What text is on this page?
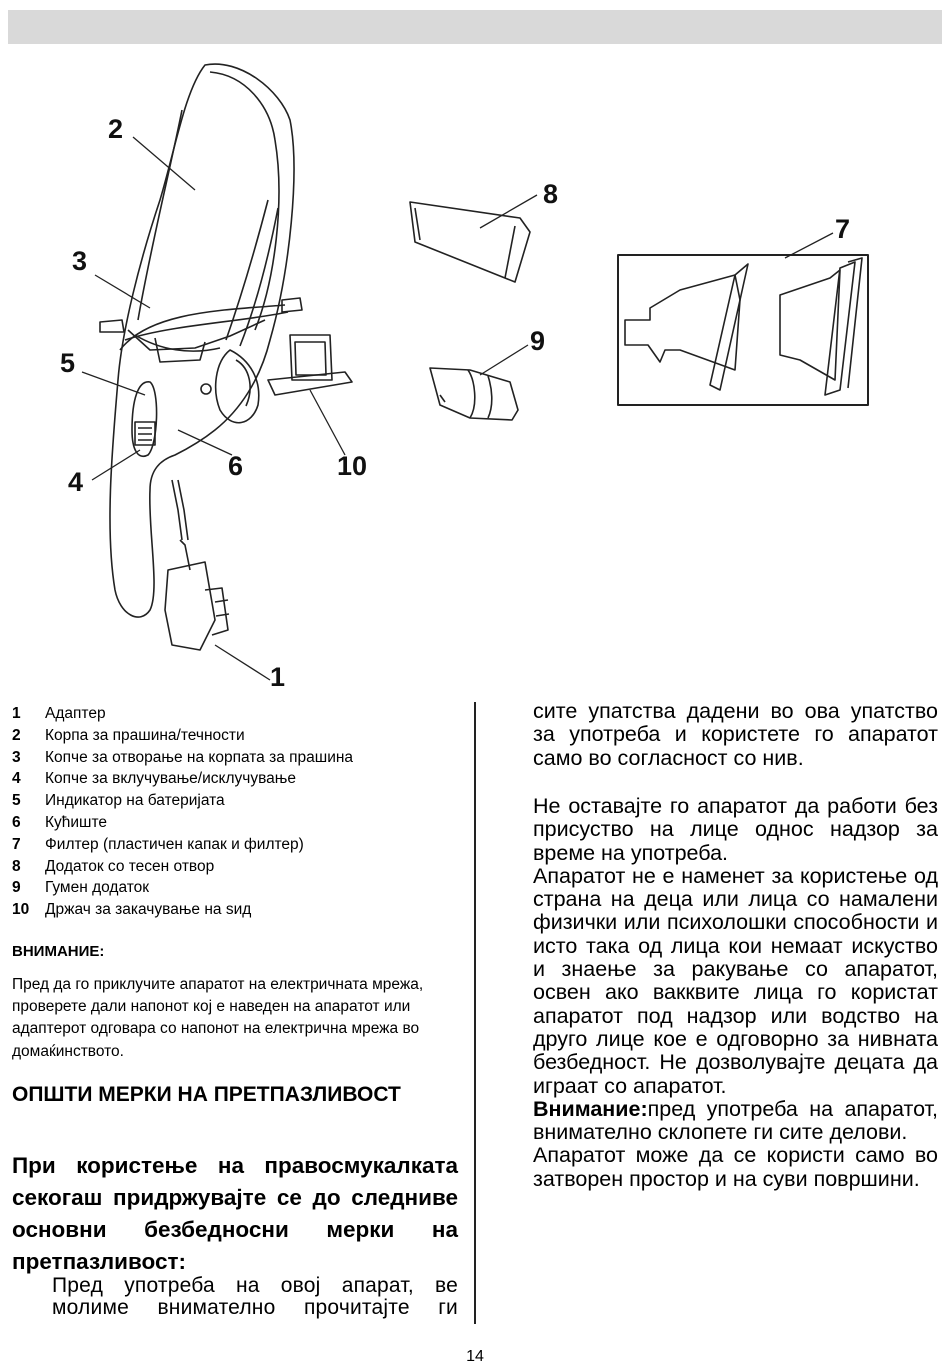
2
3
5
4
6	10
1
8
9
7
1	Адаптер
2	Корпа за прашина/течности
3	Копче за отворање на корпата за прашина
4	Копче за вклучување/исклучување
5	Индикатор на батеријата
6	Кућиште
7	Филтер (пластичен капак и филтер)
8	Додаток со тесен отвор
9	Гумен додаток
10	Држач за закачување на ѕид
ВНИМАНИЕ:
Пред да го приклучите апаратот на електричната мрежа, проверете дали напонот кој е наведен на апаратот или адаптерот одговара со напонот на електрична мрежа во домаќинството.
ОПШТИ МЕРКИ НА ПРЕТПАЗЛИВОСТ
При користење на правосмукалката секогаш придржувајте се до следниве основни безбедносни мерки на претпазливост:
Пред употреба на овој апарат, ве молиме внимателно прочитајте ги

сите упатства дадени во ова упатство за употреба и користете го апаратот само во согласност со нив.

Не оставајте го апаратот да работи без присуство на лице однос надзор за време на употреба.

Апаратот не е наменет за користење од страна на деца или лица со намалени физички или психолошки способности и исто така од лица кои немаат искуство и знаење за ракување со апаратот, освен ако вакквите лица го користат апаратот под надзор или водство на друго лице кое е одговорно за нивната безбедност. Не дозволувајте децата да играат со апаратот.

Внимание:пред употреба на апаратот, внимателно склопете ги сите делови.

Апаратот може да се користи само во затворен простор и на суви површини.

14
